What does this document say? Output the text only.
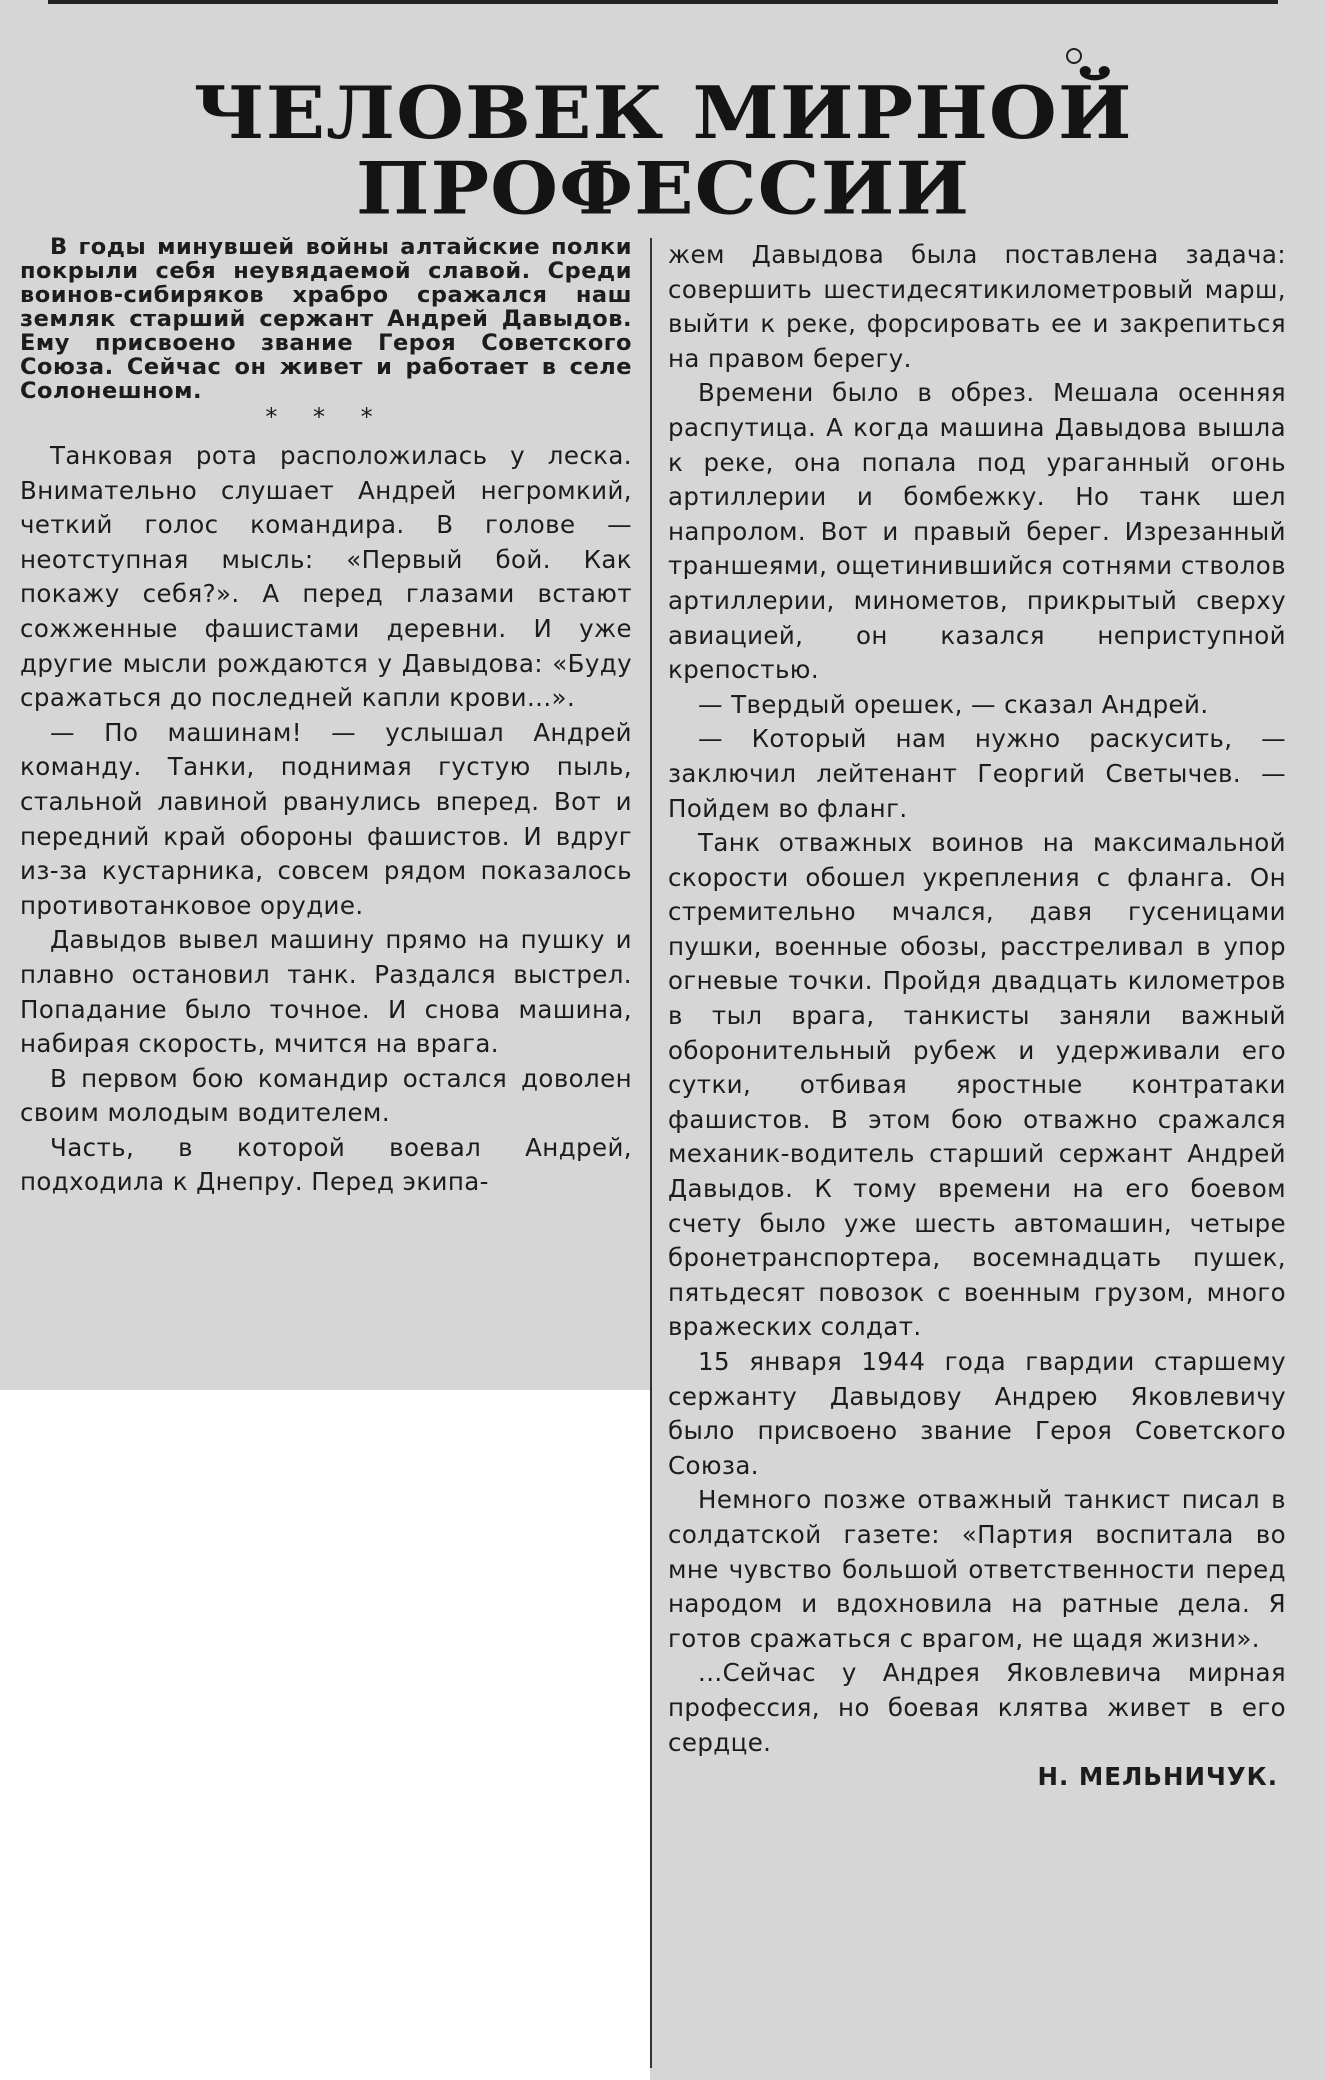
ЧЕЛОВЕК МИРНОЙ
ПРОФЕССИИ

В годы минувшей войны алтайские полки покрыли себя неувядаемой славой. Среди воинов-сибиряков храбро сражался наш земляк старший сержант Андрей Давыдов. Ему присвоено звание Героя Советского Союза. Сейчас он живет и работает в селе Солонешном.

* * *

Танковая рота расположилась у леска. Внимательно слушает Андрей негромкий, четкий голос командира. В голове — неотступная мысль: «Первый бой. Как покажу себя?». А перед глазами встают сожженные фашистами деревни. И уже другие мысли рождаются у Давыдова: «Буду сражаться до последней капли крови...».

— По машинам! — услышал Андрей команду. Танки, поднимая густую пыль, стальной лавиной рванулись вперед. Вот и передний край обороны фашистов. И вдруг из-за кустарника, совсем рядом показалось противотанковое орудие.

Давыдов вывел машину прямо на пушку и плавно остановил танк. Раздался выстрел. Попадание было точное. И снова машина, набирая скорость, мчится на врага.

В первом бою командир остался доволен своим молодым водителем.

Часть, в которой воевал Андрей, подходила к Днепру. Перед экипа-

жем Давыдова была поставлена задача: совершить шестидесятикилометровый марш, выйти к реке, форсировать ее и закрепиться на правом берегу.

Времени было в обрез. Мешала осенняя распутица. А когда машина Давыдова вышла к реке, она попала под ураганный огонь артиллерии и бомбежку. Но танк шел напролом. Вот и правый берег. Изрезанный траншеями, ощетинившийся сотнями стволов артиллерии, минометов, прикрытый сверху авиацией, он казался неприступной крепостью.

— Твердый орешек, — сказал Андрей.

— Который нам нужно раскусить, — заключил лейтенант Георгий Светычев. — Пойдем во фланг.

Танк отважных воинов на максимальной скорости обошел укрепления с фланга. Он стремительно мчался, давя гусеницами пушки, военные обозы, расстреливал в упор огневые точки. Пройдя двадцать километров в тыл врага, танкисты заняли важный оборонительный рубеж и удерживали его сутки, отбивая яростные контратаки фашистов. В этом бою отважно сражался механик-водитель старший сержант Андрей Давыдов. К тому времени на его боевом счету было уже шесть автомашин, четыре бронетранспортера, восемнадцать пушек, пятьдесят повозок с военным грузом, много вражеских солдат.

15 января 1944 года гвардии старшему сержанту Давыдову Андрею Яковлевичу было присвоено звание Героя Советского Союза.

Немного позже отважный танкист писал в солдатской газете: «Партия воспитала во мне чувство большой ответственности перед народом и вдохновила на ратные дела. Я готов сражаться с врагом, не щадя жизни».

...Сейчас у Андрея Яковлевича мирная профессия, но боевая клятва живет в его сердце.

Н. МЕЛЬНИЧУК.
